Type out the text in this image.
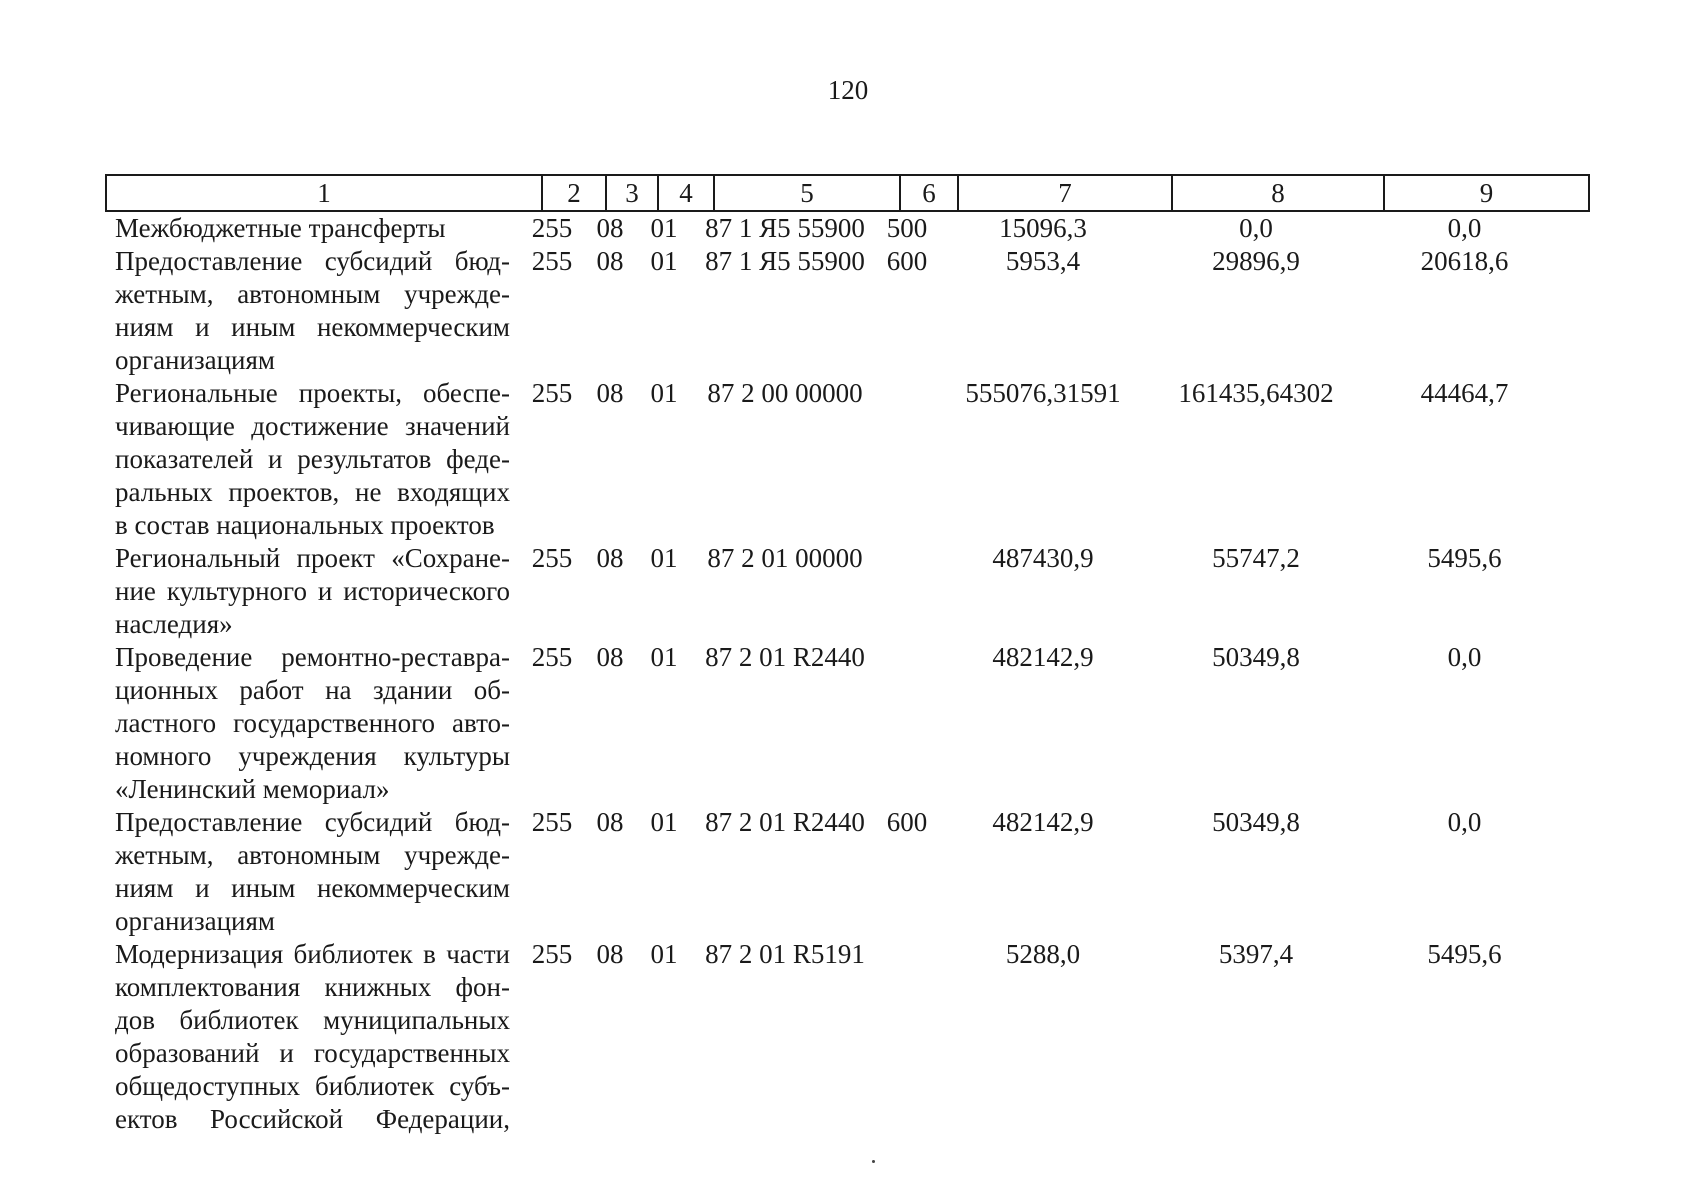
120
1	2	3	4	5	6	7	8	9
Межбюджетные трансферты	255 08	01	87 1 Я5 55900 500	15096,3	0,0	0,0
Предоставление субсидий бюд-
жетным, автономным учрежде-
ниям и иным некоммерческим
организациям
255 08	01	87 1 Я5 55900 600	5953,4	29896,9	20618,6
Региональные проекты, обеспе-
чивающие достижение значений
показателей и результатов феде-
ральных проектов, не входящих
в состав национальных проектов
255 08	01	87 2 00 00000	555076,31591	161435,64302	44464,7
Региональный проект «Сохране-
ние культурного и исторического
наследия»
255 08	01	87 2 01 00000	487430,9	55747,2	5495,6
Проведение ремонтно-реставра-
ционных работ на здании об-
ластного государственного авто-
номного учреждения культуры
«Ленинский мемориал»
255 08	01	87 2 01 R2440	482142,9	50349,8	0,0
Предоставление субсидий бюд-
жетным, автономным учрежде-
ниям и иным некоммерческим
организациям
255 08	01	87 2 01 R2440 600	482142,9	50349,8	0,0
Модернизация библиотек в части
комплектования книжных фон-
дов библиотек муниципальных
образований и государственных
общедоступных библиотек субъ-
ектов Российской Федерации,
255 08	01	87 2 01 R5191	5288,0	5397,4	5495,6
